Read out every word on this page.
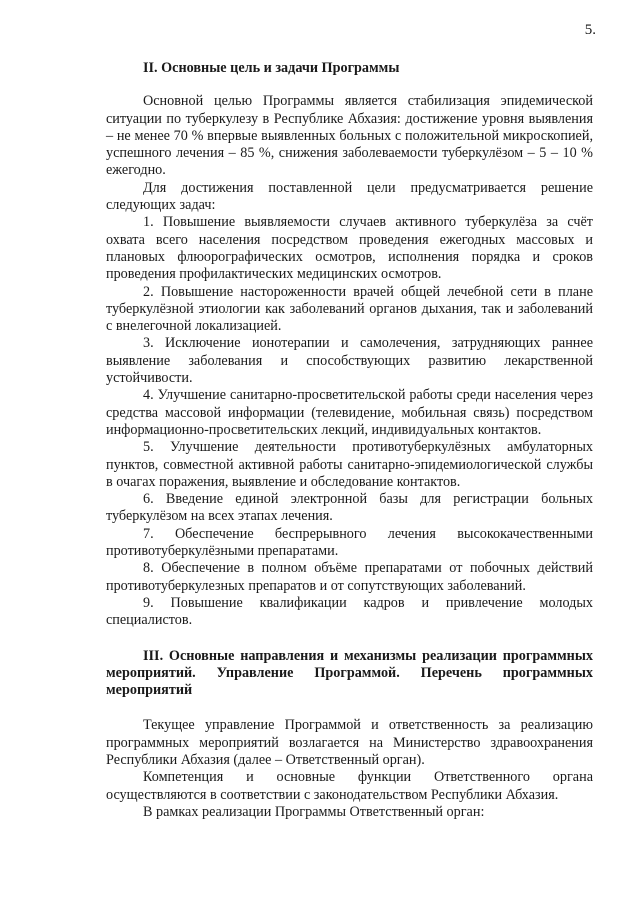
5.
II. Основные цель и задачи Программы

Основной целью Программы является стабилизация эпидемической ситуации по туберкулезу в Республике Абхазия: достижение уровня выявления – не менее 70 % впервые выявленных больных с положительной микроскопией, успешного лечения – 85 %, снижения заболеваемости туберкулёзом – 5 – 10 % ежегодно.

Для достижения поставленной цели предусматривается решение следующих задач:

1. Повышение выявляемости случаев активного туберкулёза за счёт охвата всего населения посредством проведения ежегодных массовых и плановых флюорографических осмотров, исполнения порядка и сроков проведения профилактических медицинских осмотров.

2. Повышение настороженности врачей общей лечебной сети в плане туберкулёзной этиологии как заболеваний органов дыхания, так и заболеваний с внелегочной локализацией.

3. Исключение ионотерапии и самолечения, затрудняющих раннее выявление заболевания и способствующих развитию лекарственной устойчивости.

4. Улучшение санитарно-просветительской работы среди населения через средства массовой информации (телевидение, мобильная связь) посредством информационно-просветительских лекций, индивидуальных контактов.

5. Улучшение деятельности противотуберкулёзных амбулаторных пунктов, совместной активной работы санитарно-эпидемиологической службы в очагах поражения, выявление и обследование контактов.

6. Введение единой электронной базы для регистрации больных туберкулёзом на всех этапах лечения.

7. Обеспечение беспрерывного лечения высококачественными противотуберкулёзными препаратами.

8. Обеспечение в полном объёме препаратами от побочных действий противотуберкулезных препаратов и от сопутствующих заболеваний.

9. Повышение квалификации кадров и привлечение молодых специалистов.

III. Основные направления и механизмы реализации программных мероприятий. Управление Программой. Перечень программных мероприятий

Текущее управление Программой и ответственность за реализацию программных мероприятий возлагается на Министерство здравоохранения Республики Абхазия (далее – Ответственный орган).

Компетенция и основные функции Ответственного органа осуществляются в соответствии с законодательством Республики Абхазия.

В рамках реализации Программы Ответственный орган:
